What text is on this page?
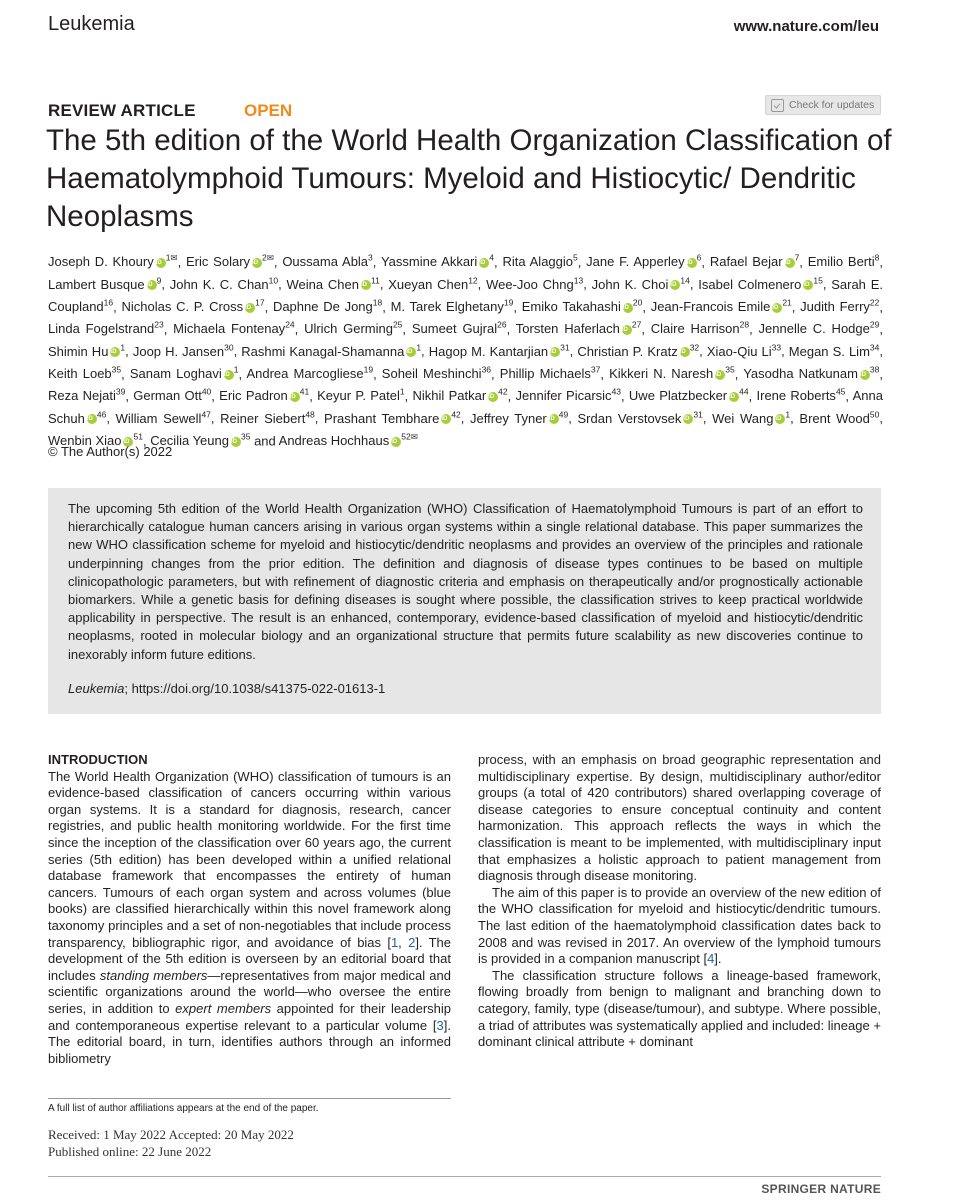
Leukemia	www.nature.com/leu
REVIEW ARTICLE	OPEN	Check for updates
The 5th edition of the World Health Organization Classification of Haematolymphoid Tumours: Myeloid and Histiocytic/ Dendritic Neoplasms
Joseph D. Khoury iD $^{1✉}$, Eric Solary iD $^{2✉}$, Oussama Abla$^3$, Yassmine Akkari iD $^4$, Rita Alaggio$^5$, Jane F. Apperley iD $^6$, Rafael Bejar iD $^7$, Emilio Berti$^8$, Lambert Busque iD $^9$, John K. C. Chan$^{10}$, Weina Chen iD $^{11}$, Xueyan Chen$^{12}$, Wee-Joo Chng$^{13}$, John K. Choi iD $^{14}$, Isabel Colmenero iD $^{15}$, Sarah E. Coupland$^{16}$, Nicholas C. P. Cross iD $^{17}$, Daphne De Jong$^{18}$, M. Tarek Elghetany$^{19}$, Emiko Takahashi iD $^{20}$, Jean-Francois Emile iD $^{21}$, Judith Ferry$^{22}$, Linda Fogelstrand$^{23}$, Michaela Fontenay$^{24}$, Ulrich Germing$^{25}$, Sumeet Gujral$^{26}$, Torsten Haferlach iD $^{27}$, Claire Harrison$^{28}$, Jennelle C. Hodge$^{29}$, Shimin Hu iD $^1$, Joop H. Jansen$^{30}$, Rashmi Kanagal-Shamanna iD $^1$, Hagop M. Kantarjian iD $^{31}$, Christian P. Kratz iD $^{32}$, Xiao-Qiu Li$^{33}$, Megan S. Lim$^{34}$, Keith Loeb$^{35}$, Sanam Loghavi iD $^1$, Andrea Marcogliese$^{19}$, Soheil Meshinchi$^{36}$, Phillip Michaels$^{37}$, Kikkeri N. Naresh iD $^{35}$, Yasodha Natkunam iD $^{38}$, Reza Nejati$^{39}$, German Ott$^{40}$, Eric Padron iD $^{41}$, Keyur P. Patel$^1$, Nikhil Patkar iD $^{42}$, Jennifer Picarsic$^{43}$, Uwe Platzbecker iD $^{44}$, Irene Roberts$^{45}$, Anna Schuh iD $^{46}$, William Sewell$^{47}$, Reiner Siebert$^{48}$, Prashant Tembhare iD $^{42}$, Jeffrey Tyner iD $^{49}$, Srdan Verstovsek iD $^{31}$, Wei Wang iD $^1$, Brent Wood$^{50}$, Wenbin Xiao iD $^{51}$, Cecilia Yeung iD $^{35}$ and Andreas Hochhaus iD $^{52✉}$
© The Author(s) 2022
The upcoming 5th edition of the World Health Organization (WHO) Classification of Haematolymphoid Tumours is part of an effort to hierarchically catalogue human cancers arising in various organ systems within a single relational database. This paper summarizes the new WHO classification scheme for myeloid and histiocytic/dendritic neoplasms and provides an overview of the principles and rationale underpinning changes from the prior edition. The definition and diagnosis of disease types continues to be based on multiple clinicopathologic parameters, but with refinement of diagnostic criteria and emphasis on therapeutically and/or prognostically actionable biomarkers. While a genetic basis for defining diseases is sought where possible, the classification strives to keep practical worldwide applicability in perspective. The result is an enhanced, contemporary, evidence-based classification of myeloid and histiocytic/dendritic neoplasms, rooted in molecular biology and an organizational structure that permits future scalability as new discoveries continue to inexorably inform future editions.
Leukemia; https://doi.org/10.1038/s41375-022-01613-1
INTRODUCTION

The World Health Organization (WHO) classification of tumours is an evidence-based classification of cancers occurring within various organ systems. It is a standard for diagnosis, research, cancer registries, and public health monitoring worldwide. For the first time since the inception of the classification over 60 years ago, the current series (5th edition) has been developed within a unified relational database framework that encompasses the entirety of human cancers. Tumours of each organ system and across volumes (blue books) are classified hierarchically within this novel framework along taxonomy principles and a set of non-negotiables that include process transparency, bibliographic rigor, and avoidance of bias [1, 2]. The development of the 5th edition is overseen by an editorial board that includes standing members—representatives from major medical and scientific organizations around the world—who oversee the entire series, in addition to expert members appointed for their leadership and contemporaneous expertise relevant to a particular volume [3]. The editorial board, in turn, identifies authors through an informed bibliometry

process, with an emphasis on broad geographic representation and multidisciplinary expertise. By design, multidisciplinary author/editor groups (a total of 420 contributors) shared overlapping coverage of disease categories to ensure conceptual continuity and content harmonization. This approach reflects the ways in which the classification is meant to be implemented, with multidisciplinary input that emphasizes a holistic approach to patient management from diagnosis through disease monitoring.

The aim of this paper is to provide an overview of the new edition of the WHO classification for myeloid and histiocytic/dendritic tumours. The last edition of the haematolymphoid classification dates back to 2008 and was revised in 2017. An overview of the lymphoid tumours is provided in a companion manuscript [4].

The classification structure follows a lineage-based framework, flowing broadly from benign to malignant and branching down to category, family, type (disease/tumour), and subtype. Where possible, a triad of attributes was systematically applied and included: lineage + dominant clinical attribute + dominant

A full list of author affiliations appears at the end of the paper.
Received: 1 May 2022 Accepted: 20 May 2022
Published online: 22 June 2022
SPRINGER NATURE
